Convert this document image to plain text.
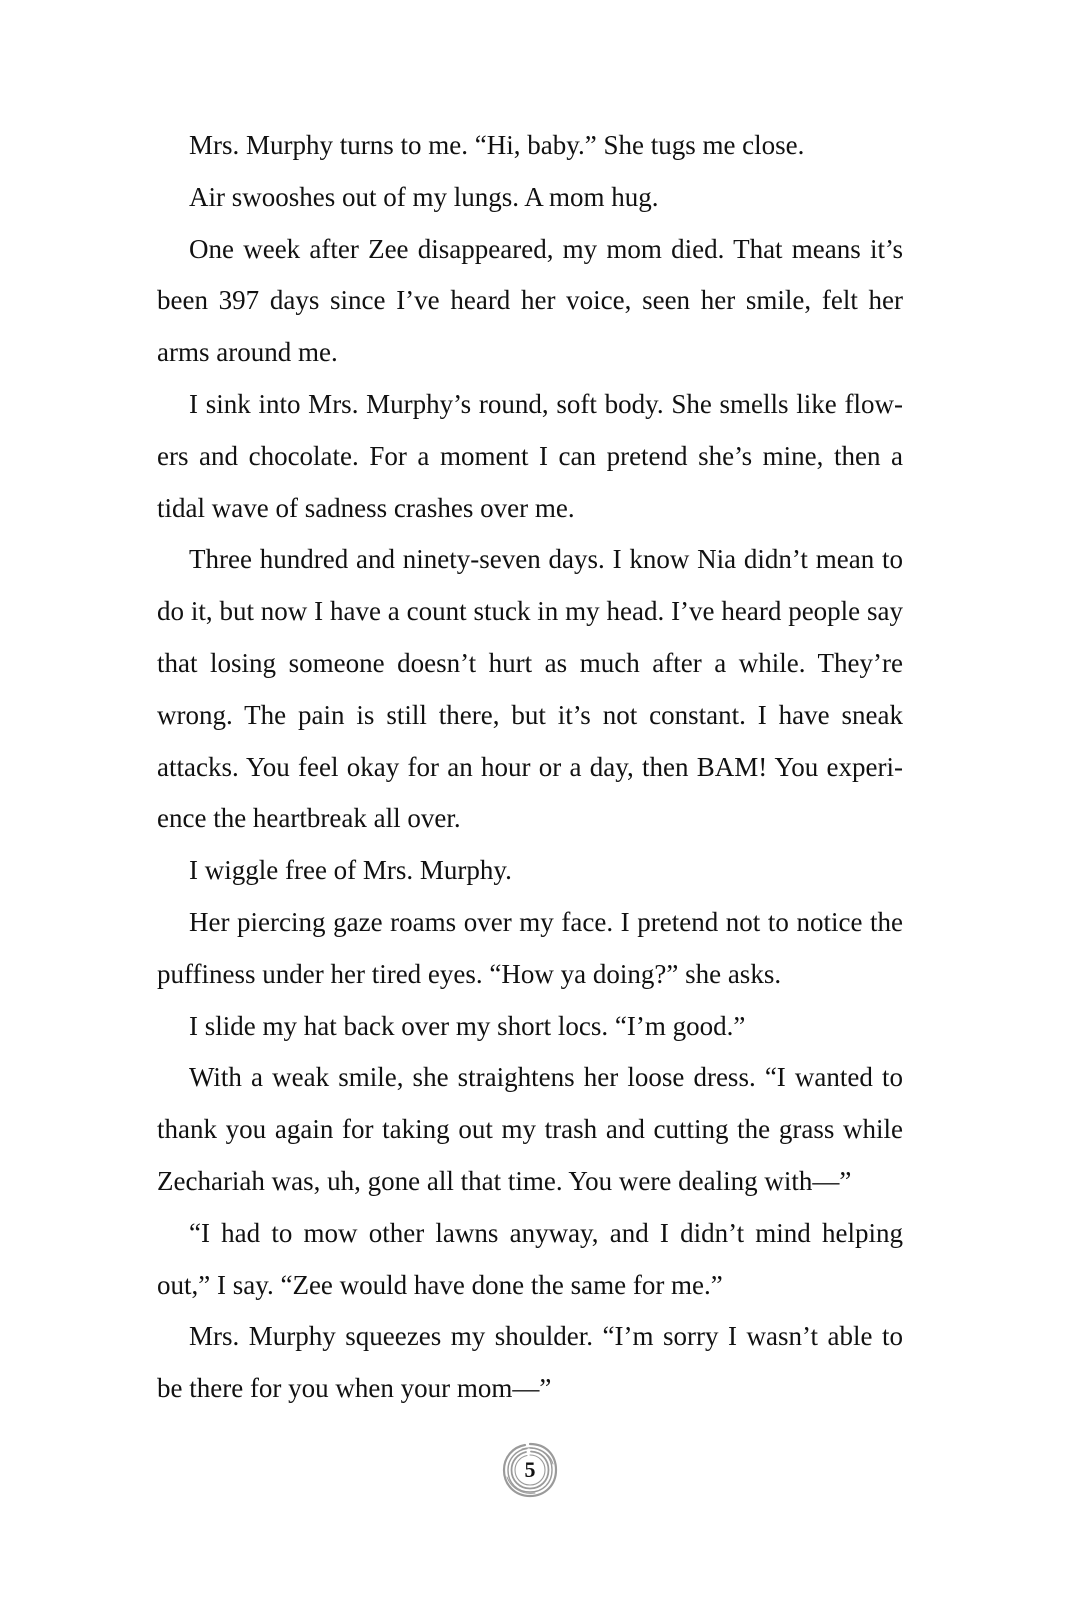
Mrs. Murphy turns to me. “Hi, baby.” She tugs me close.

Air swooshes out of my lungs. A mom hug.

One week after Zee disappeared, my mom died. That means it’s been 397 days since I’ve heard her voice, seen her smile, felt her arms around me.

I sink into Mrs. Murphy’s round, soft body. She smells like flowers and chocolate. For a moment I can pretend she’s mine, then a tidal wave of sadness crashes over me.

Three hundred and ninety-seven days. I know Nia didn’t mean to do it, but now I have a count stuck in my head. I’ve heard people say that losing someone doesn’t hurt as much after a while. They’re wrong. The pain is still there, but it’s not constant. I have sneak attacks. You feel okay for an hour or a day, then BAM! You experience the heartbreak all over.

I wiggle free of Mrs. Murphy.

Her piercing gaze roams over my face. I pretend not to notice the puffiness under her tired eyes. “How ya doing?” she asks.

I slide my hat back over my short locs. “I’m good.”

With a weak smile, she straightens her loose dress. “I wanted to thank you again for taking out my trash and cutting the grass while Zechariah was, uh, gone all that time. You were dealing with—”

“I had to mow other lawns anyway, and I didn’t mind helping out,” I say. “Zee would have done the same for me.”

Mrs. Murphy squeezes my shoulder. “I’m sorry I wasn’t able to be there for you when your mom—”

5
